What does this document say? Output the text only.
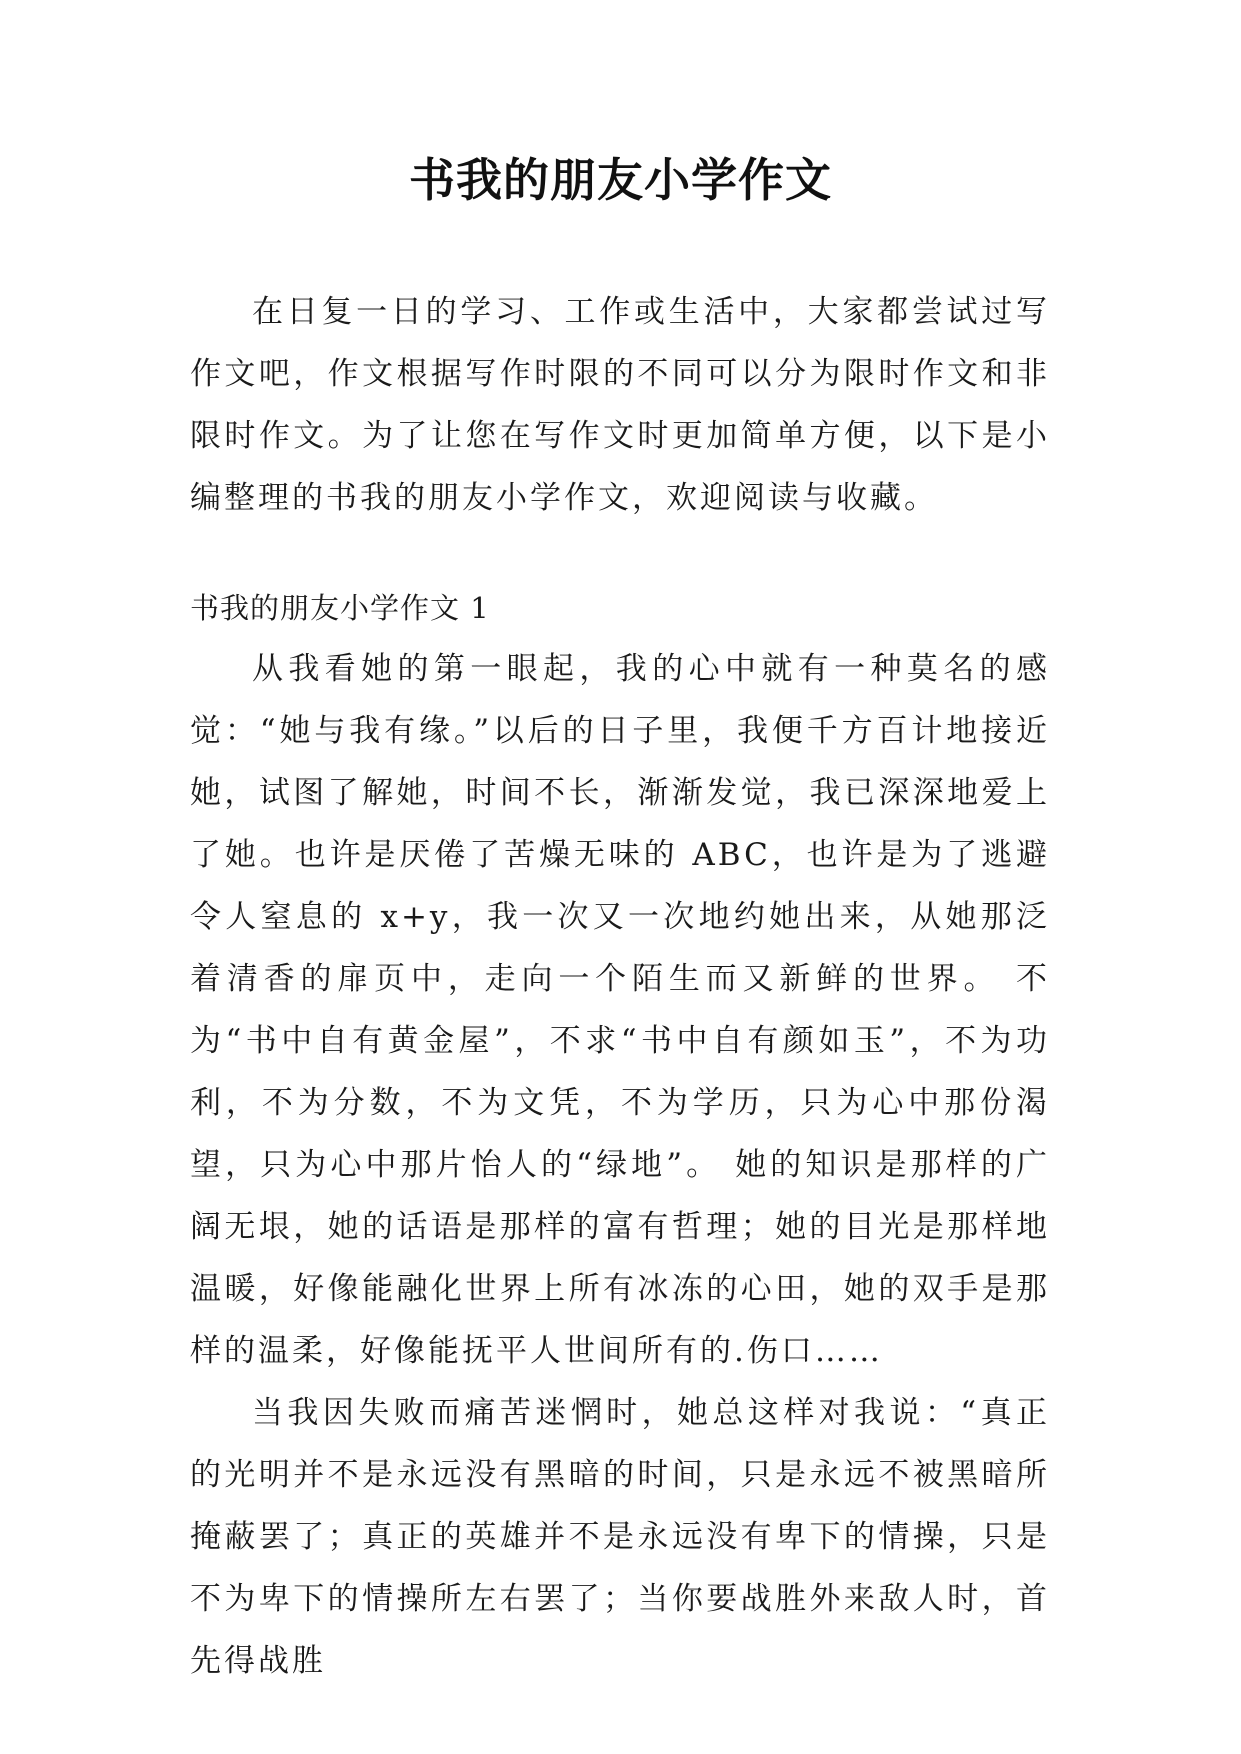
书我的朋友小学作文

在日复一日的学习、工作或生活中，大家都尝试过写作文吧，作文根据写作时限的不同可以分为限时作文和非限时作文。为了让您在写作文时更加简单方便，以下是小编整理的书我的朋友小学作文，欢迎阅读与收藏。

书我的朋友小学作文 1

从我看她的第一眼起，我的心中就有一种莫名的感觉：“她与我有缘。”以后的日子里，我便千方百计地接近她，试图了解她，时间不长，渐渐发觉，我已深深地爱上了她。也许是厌倦了苦燥无味的 ABC，也许是为了逃避令人窒息的 x+y，我一次又一次地约她出来，从她那泛着清香的扉页中，走向一个陌生而又新鲜的世界。 不为“书中自有黄金屋”，不求“书中自有颜如玉”，不为功利，不为分数，不为文凭，不为学历，只为心中那份渴望，只为心中那片怡人的“绿地”。 她的知识是那样的广阔无垠，她的话语是那样的富有哲理；她的目光是那样地温暖，好像能融化世界上所有冰冻的心田，她的双手是那样的温柔，好像能抚平人世间所有的.伤口……

当我因失败而痛苦迷惘时，她总这样对我说：“真正的光明并不是永远没有黑暗的时间，只是永远不被黑暗所掩蔽罢了；真正的英雄并不是永远没有卑下的情操，只是不为卑下的情操所左右罢了；当你要战胜外来敌人时，首先得战胜
